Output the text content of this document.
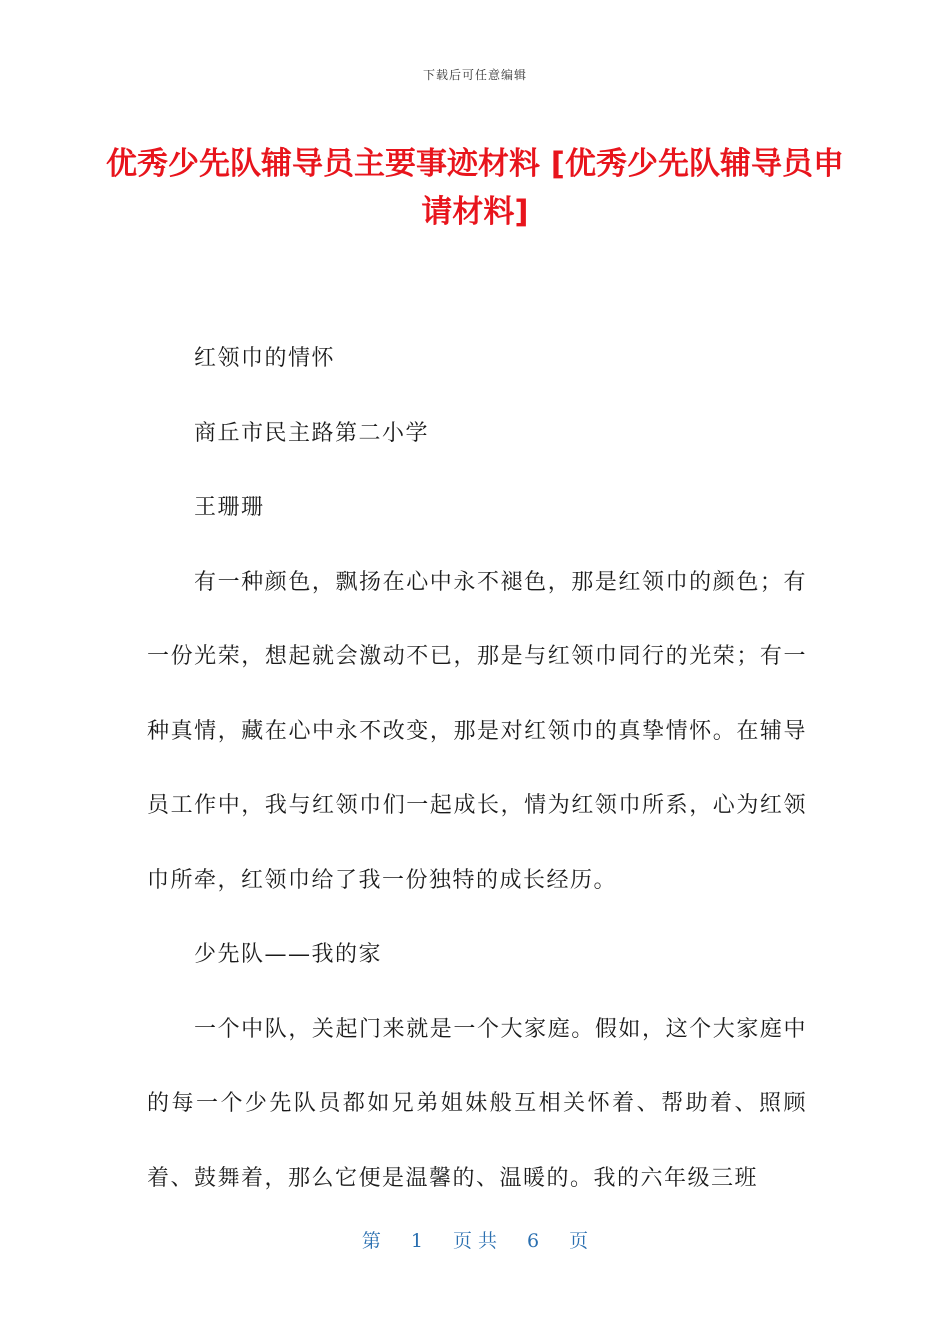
下载后可任意编辑
优秀少先队辅导员主要事迹材料 [优秀少先队辅导员申请材料]

红领巾的情怀

商丘市民主路第二小学

王珊珊

有一种颜色，飘扬在心中永不褪色，那是红领巾的颜色；有一份光荣，想起就会激动不已，那是与红领巾同行的光荣；有一种真情，藏在心中永不改变，那是对红领巾的真挚情怀。在辅导员工作中，我与红领巾们一起成长，情为红领巾所系，心为红领巾所牵，红领巾给了我一份独特的成长经历。

少先队——我的家

一个中队，关起门来就是一个大家庭。假如，这个大家庭中的每一个少先队员都如兄弟姐妹般互相关怀着、帮助着、照顾着、鼓舞着，那么它便是温馨的、温暖的。我的六年级三班

第 1 页 共 6 页
